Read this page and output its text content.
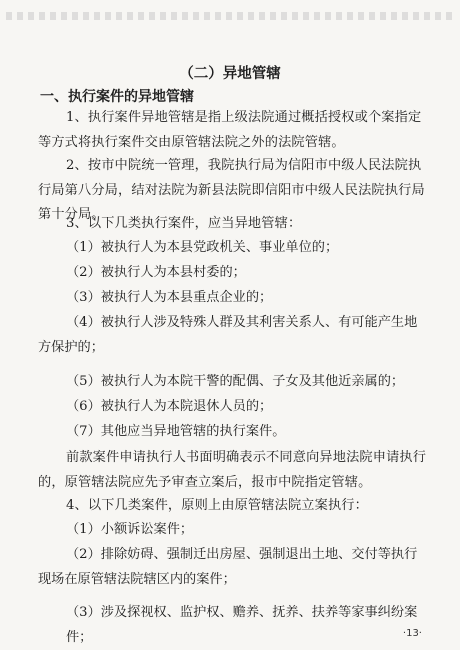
（二）异地管辖
一、执行案件的异地管辖

1、执行案件异地管辖是指上级法院通过概括授权或个案指定等方式将执行案件交由原管辖法院之外的法院管辖。

2、按市中院统一管理，我院执行局为信阳市中级人民法院执行局第八分局，结对法院为新县法院即信阳市中级人民法院执行局第十分局。

3、以下几类执行案件，应当异地管辖：

（1）被执行人为本县党政机关、事业单位的；

（2）被执行人为本县村委的；

（3）被执行人为本县重点企业的；

（4）被执行人涉及特殊人群及其利害关系人、有可能产生地方保护的；

（5）被执行人为本院干警的配偶、子女及其他近亲属的；

（6）被执行人为本院退休人员的；

（7）其他应当异地管辖的执行案件。

前款案件申请执行人书面明确表示不同意向异地法院申请执行的，原管辖法院应先予审查立案后，报市中院指定管辖。

4、以下几类案件，原则上由原管辖法院立案执行：

（1）小额诉讼案件；

（2）排除妨碍、强制迁出房屋、强制退出土地、交付等执行现场在原管辖法院辖区内的案件；

（3）涉及探视权、监护权、赡养、抚养、扶养等家事纠纷案件；	·13·
